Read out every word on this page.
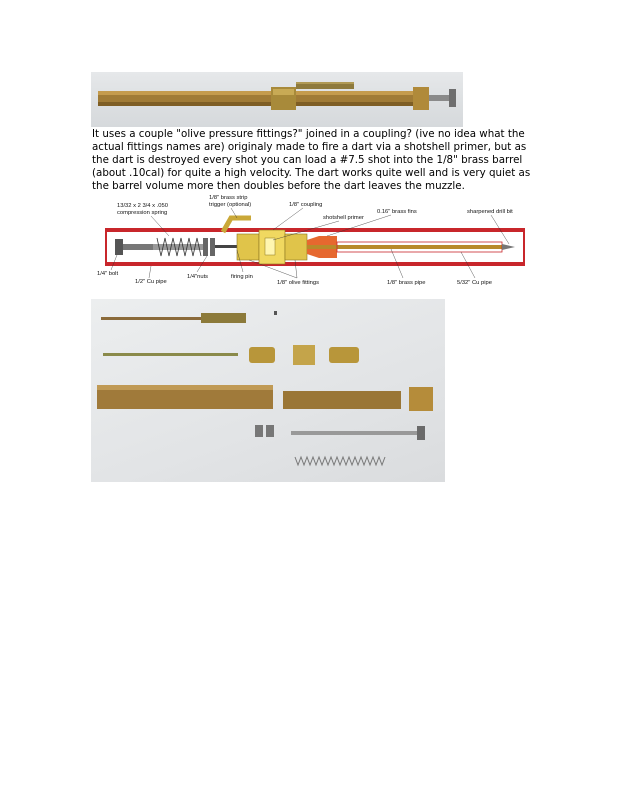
It uses a couple "olive pressure fittings?" joined in a coupling? (ive no idea what the
actual fittings names are) originaly made to fire a dart via a shotshell primer, but as
the dart is destroyed every shot you can load a #7.5 shot into the 1/8" brass barrel
(about .10cal) for quite a high velocity. The dart works quite well and is very quiet as
the barrel volume more then doubles before the dart leaves the muzzle.

13/32 x 2 3/4 x .050
compression spring
1/8" brass strip
trigger (optional)	1/8" coupling
shotshell primer
0.16" brass fins	sharpened drill bit
1/4" bolt
1/2" Cu pipe
1/4"nuts	firing pin
1/8" olive fittings	1/8" brass pipe	5/32" Cu pipe
